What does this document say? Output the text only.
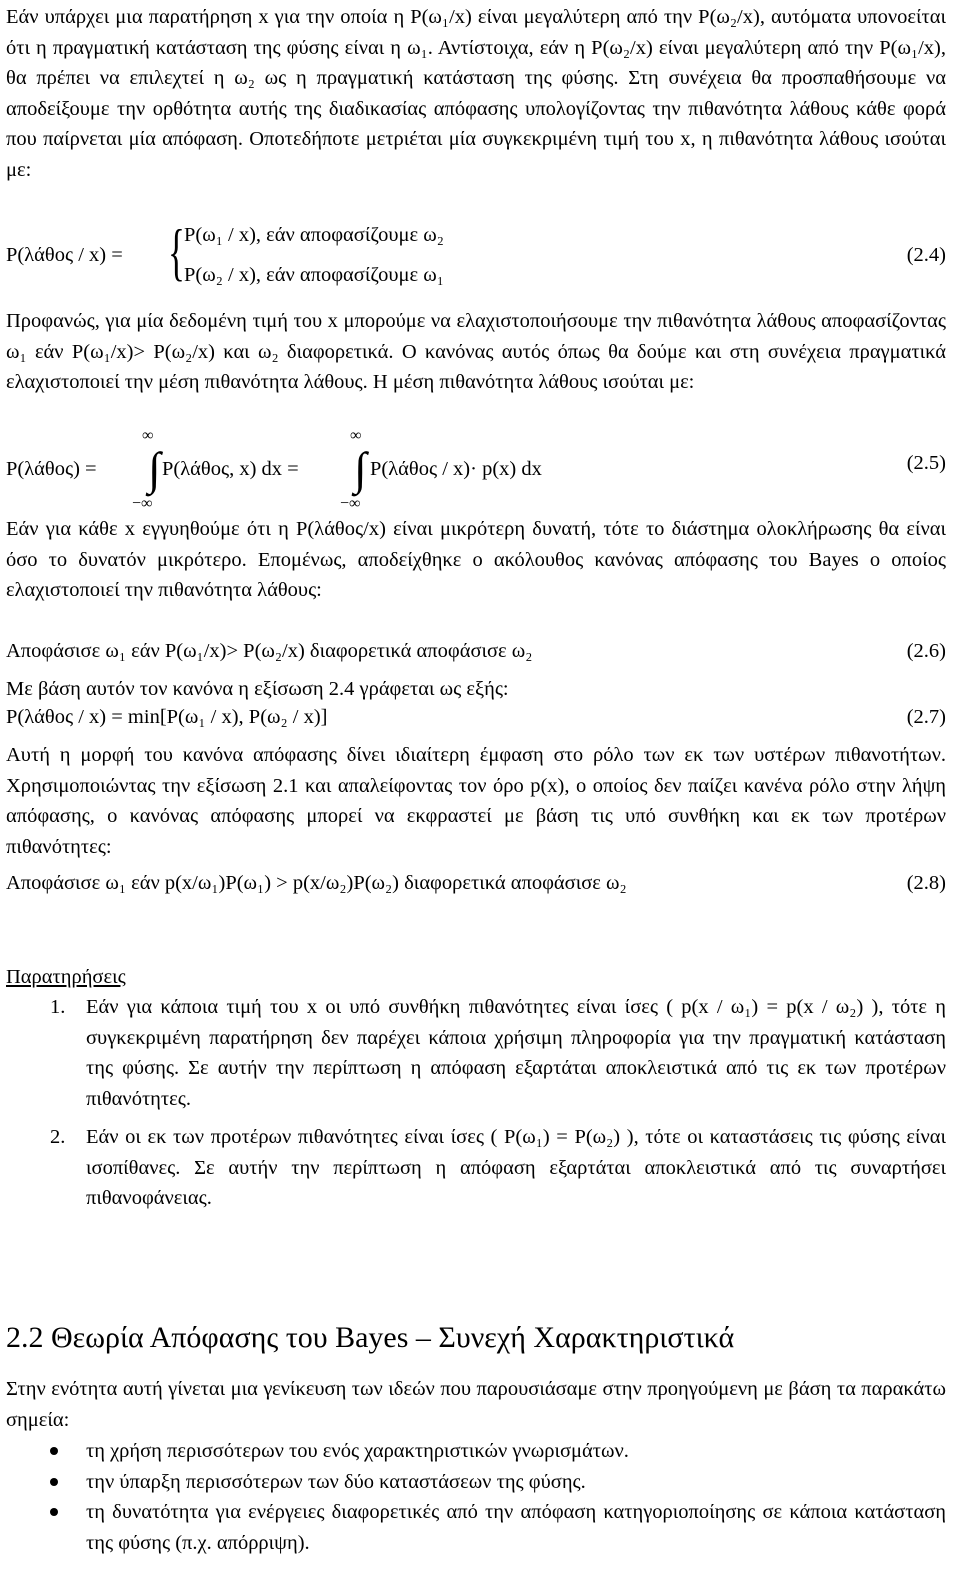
Εάν υπάρχει μια παρατήρηση x για την οποία η P(ω₁/x) είναι μεγαλύτερη από την P(ω₂/x), αυτόματα υπονοείται ότι η πραγματική κατάσταση της φύσης είναι η ω₁. Αντίστοιχα, εάν η P(ω₂/x) είναι μεγαλύτερη από την P(ω₁/x), θα πρέπει να επιλεχτεί η ω₂ ως η πραγματική κατάσταση της φύσης. Στη συνέχεια θα προσπαθήσουμε να αποδείξουμε την ορθότητα αυτής της διαδικασίας απόφασης υπολογίζοντας την πιθανότητα λάθους κάθε φορά που παίρνεται μία απόφαση. Οποτεδήποτε μετριέται μία συγκεκριμένη τιμή του x, η πιθανότητα λάθους ισούται με:
P(λάθος / x) = { P(ω₁ / x), εάν αποφασίζουμε ω₂
P(ω₂ / x), εάν αποφασίζουμε ω₁
(2.4)
Προφανώς, για μία δεδομένη τιμή του x μπορούμε να ελαχιστοποιήσουμε την πιθανότητα λάθους αποφασίζοντας ω₁ εάν P(ω₁/x)> P(ω₂/x) και ω₂ διαφορετικά. Ο κανόνας αυτός όπως θα δούμε και στη συνέχεια πραγματικά ελαχιστοποιεί την μέση πιθανότητα λάθους. Η μέση πιθανότητα λάθους ισούται με:
P(λάθος) =
∞
∫
−∞
P(λάθος, x) dx =
∞
∫
−∞
P(λάθος / x)· p(x) dx	(2.5)
Εάν για κάθε x εγγυηθούμε ότι η P(λάθος/x) είναι μικρότερη δυνατή, τότε το διάστημα ολοκλήρωσης θα είναι όσο το δυνατόν μικρότερο. Επομένως, αποδείχθηκε ο ακόλουθος κανόνας απόφασης του Bayes ο οποίος ελαχιστοποιεί την πιθανότητα λάθους:
Αποφάσισε ω₁ εάν P(ω₁/x)> P(ω₂/x) διαφορετικά αποφάσισε ω₂	(2.6)
Με βάση αυτόν τον κανόνα η εξίσωση 2.4 γράφεται ως εξής:
P(λάθος / x) = min[P(ω₁ / x), P(ω₂ / x)]	(2.7)
Αυτή η μορφή του κανόνα απόφασης δίνει ιδιαίτερη έμφαση στο ρόλο των εκ των υστέρων πιθανοτήτων. Χρησιμοποιώντας την εξίσωση 2.1 και απαλείφοντας τον όρο p(x), ο οποίος δεν παίζει κανένα ρόλο στην λήψη απόφασης, ο κανόνας απόφασης μπορεί να εκφραστεί με βάση τις υπό συνθήκη και εκ των προτέρων πιθανότητες:
Αποφάσισε ω₁ εάν p(x/ω₁)P(ω₁) > p(x/ω₂)P(ω₂) διαφορετικά αποφάσισε ω₂	(2.8)
Παρατηρήσεις
1. Εάν για κάποια τιμή του x οι υπό συνθήκη πιθανότητες είναι ίσες ( p(x / ω₁) = p(x / ω₂) ), τότε η συγκεκριμένη παρατήρηση δεν παρέχει κάποια χρήσιμη πληροφορία για την πραγματική κατάσταση της φύσης. Σε αυτήν την περίπτωση η απόφαση εξαρτάται αποκλειστικά από τις εκ των προτέρων πιθανότητες.
2. Εάν οι εκ των προτέρων πιθανότητες είναι ίσες ( P(ω₁) = P(ω₂) ), τότε οι καταστάσεις τις φύσης είναι ισοπίθανες. Σε αυτήν την περίπτωση η απόφαση εξαρτάται αποκλειστικά από τις συναρτήσει πιθανοφάνειας.
2.2 Θεωρία Απόφασης του Bayes – Συνεχή Χαρακτηριστικά
Στην ενότητα αυτή γίνεται μια γενίκευση των ιδεών που παρουσιάσαμε στην προηγούμενη με βάση τα παρακάτω σημεία:
τη χρήση περισσότερων του ενός χαρακτηριστικών γνωρισμάτων.
την ύπαρξη περισσότερων των δύο καταστάσεων της φύσης.
τη δυνατότητα για ενέργειες διαφορετικές από την απόφαση κατηγοριοποίησης σε κάποια κατάσταση της φύσης (π.χ. απόρριψη).
